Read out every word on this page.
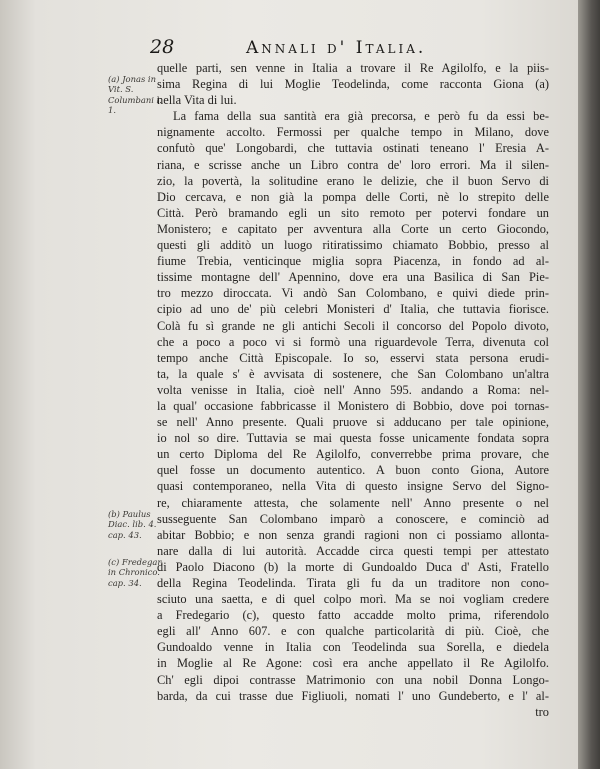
28	Annali d' Italia.
(a) Jonas in Vit. S. Columbani l. 1.
(b) Paulus Diac. lib. 4. cap. 43.
(c) Fredegar. in Chronico. cap. 34.
quelle parti, sen venne in Italia a trovare il Re Agilolfo, e la piis-
sima Regina di lui Moglie Teodelinda, come racconta Giona (a)
nella Vita di lui.
La fama della sua santità era già precorsa, e però fu da essi be-
nignamente accolto. Fermossi per qualche tempo in Milano, dove
confutò que' Longobardi, che tuttavia ostinati teneano l' Eresia A-
riana, e scrisse anche un Libro contra de' loro errori. Ma il silen-
zio, la povertà, la solitudine erano le delizie, che il buon Servo di
Dio cercava, e non già la pompa delle Corti, nè lo strepito delle
Città. Però bramando egli un sito remoto per potervi fondare un
Monistero; e capitato per avventura alla Corte un certo Giocondo,
questi gli additò un luogo ritiratissimo chiamato Bobbio, presso al
fiume Trebia, venticinque miglia sopra Piacenza, in fondo ad al-
tissime montagne dell' Apennino, dove era una Basilica di San Pie-
tro mezzo diroccata. Vi andò San Colombano, e quivi diede prin-
cipio ad uno de' più celebri Monisteri d' Italia, che tuttavia fiorisce.
Colà fu sì grande ne gli antichi Secoli il concorso del Popolo divoto,
che a poco a poco vi si formò una riguardevole Terra, divenuta col
tempo anche Città Episcopale. Io so, esservi stata persona erudi-
ta, la quale s' è avvisata di sostenere, che San Colombano un'altra
volta venisse in Italia, cioè nell' Anno 595. andando a Roma: nel-
la qual' occasione fabbricasse il Monistero di Bobbio, dove poi tornas-
se nell' Anno presente. Quali pruove si adducano per tale opinione,
io nol so dire. Tuttavia se mai questa fosse unicamente fondata sopra
un certo Diploma del Re Agilolfo, converrebbe prima provare, che
quel fosse un documento autentico. A buon conto Giona, Autore
quasi contemporaneo, nella Vita di questo insigne Servo del Signo-
re, chiaramente attesta, che solamente nell' Anno presente o nel
susseguente San Colombano imparò a conoscere, e cominciò ad
abitar Bobbio; e non senza grandi ragioni non ci possiamo allonta-
nare dalla di lui autorità. Accadde circa questi tempi per attestato
di Paolo Diacono (b) la morte di Gundoaldo Duca d' Asti, Fratello
della Regina Teodelinda. Tirata gli fu da un traditore non cono-
sciuto una saetta, e di quel colpo morì. Ma se noi vogliam credere
a Fredegario (c), questo fatto accadde molto prima, riferendolo
egli all' Anno 607. e con qualche particolarità di più. Cioè, che
Gundoaldo venne in Italia con Teodelinda sua Sorella, e diedela
in Moglie al Re Agone: così era anche appellato il Re Agilolfo.
Ch' egli dipoi contrasse Matrimonio con una nobil Donna Longo-
barda, da cui trasse due Figliuoli, nomati l' uno Gundeberto, e l' al-
tro
